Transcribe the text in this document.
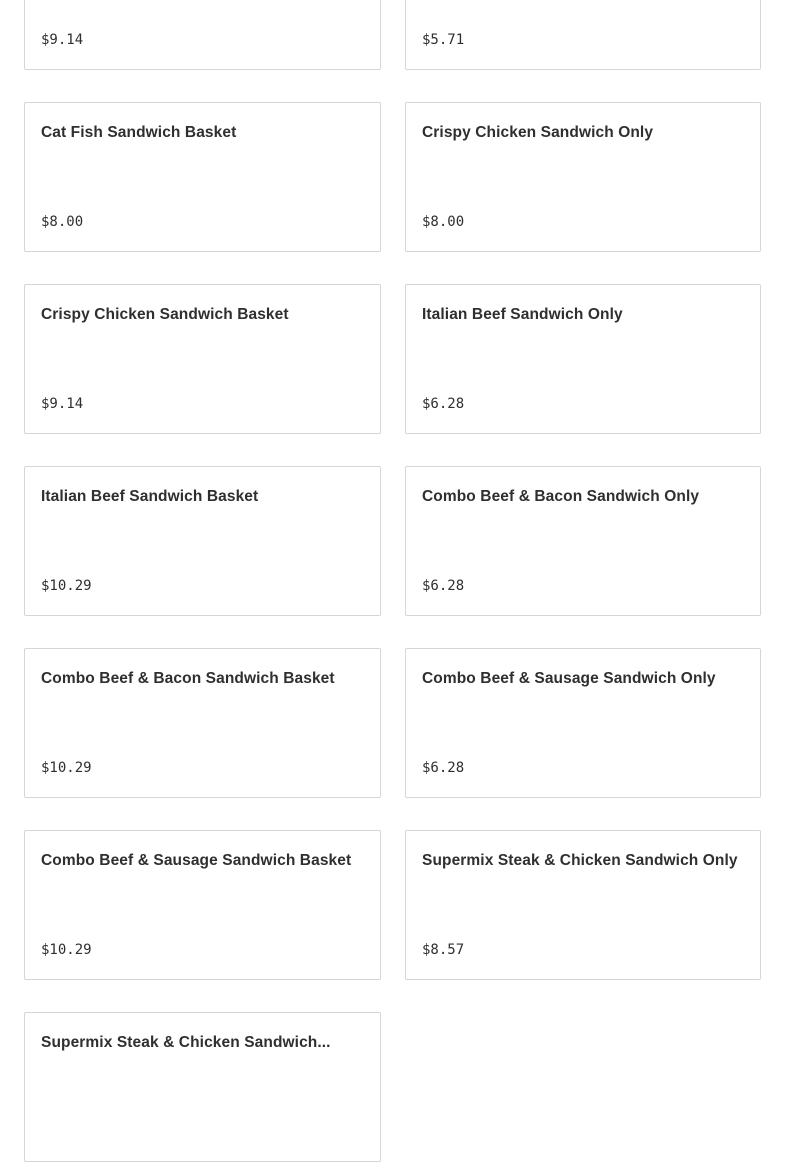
$9.14	$5.71
Cat Fish Sandwich Basket
$8.00
Crispy Chicken Sandwich Only
$8.00
Crispy Chicken Sandwich Basket
$9.14
Italian Beef Sandwich Only
$6.28
Italian Beef Sandwich Basket
$10.29
Combo Beef & Bacon Sandwich Only
$6.28
Combo Beef & Bacon Sandwich Basket
$10.29
Combo Beef & Sausage Sandwich Only
$6.28
Combo Beef & Sausage Sandwich Basket
$10.29
Supermix Steak & Chicken Sandwich Only
$8.57
Supermix Steak & Chicken Sandwich...
